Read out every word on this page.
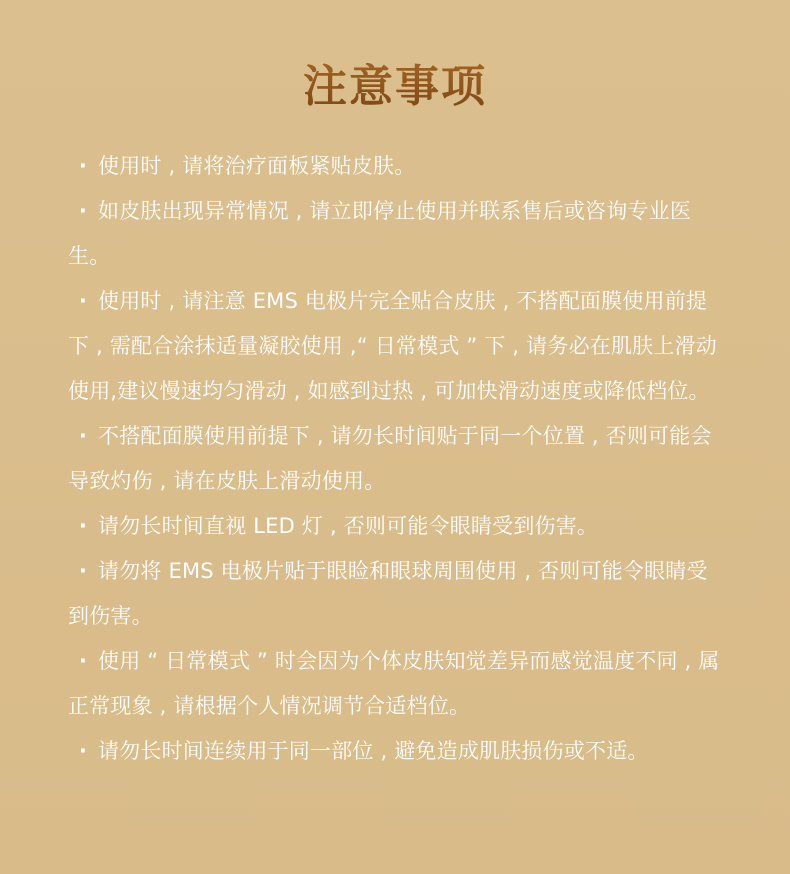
注意事项
· 使用时 , 请将治疗面板紧贴皮肤。
· 如皮肤出现异常情况 , 请立即停止使用并联系售后或咨询专业医生。
· 使用时 , 请注意 EMS 电极片完全贴合皮肤 , 不搭配面膜使用前提下 , 需配合涂抹适量凝胶使用 ,“ 日常模式 ” 下 , 请务必在肌肤上滑动使用,建议慢速均匀滑动 , 如感到过热 , 可加快滑动速度或降低档位。
· 不搭配面膜使用前提下 , 请勿长时间贴于同一个位置 , 否则可能会导致灼伤 , 请在皮肤上滑动使用。
· 请勿长时间直视 LED 灯 , 否则可能令眼睛受到伤害。
· 请勿将 EMS 电极片贴于眼睑和眼球周围使用 , 否则可能令眼睛受到伤害。
· 使用 “ 日常模式 ” 时会因为个体皮肤知觉差异而感觉温度不同 , 属正常现象 , 请根据个人情况调节合适档位。
· 请勿长时间连续用于同一部位 , 避免造成肌肤损伤或不适。
